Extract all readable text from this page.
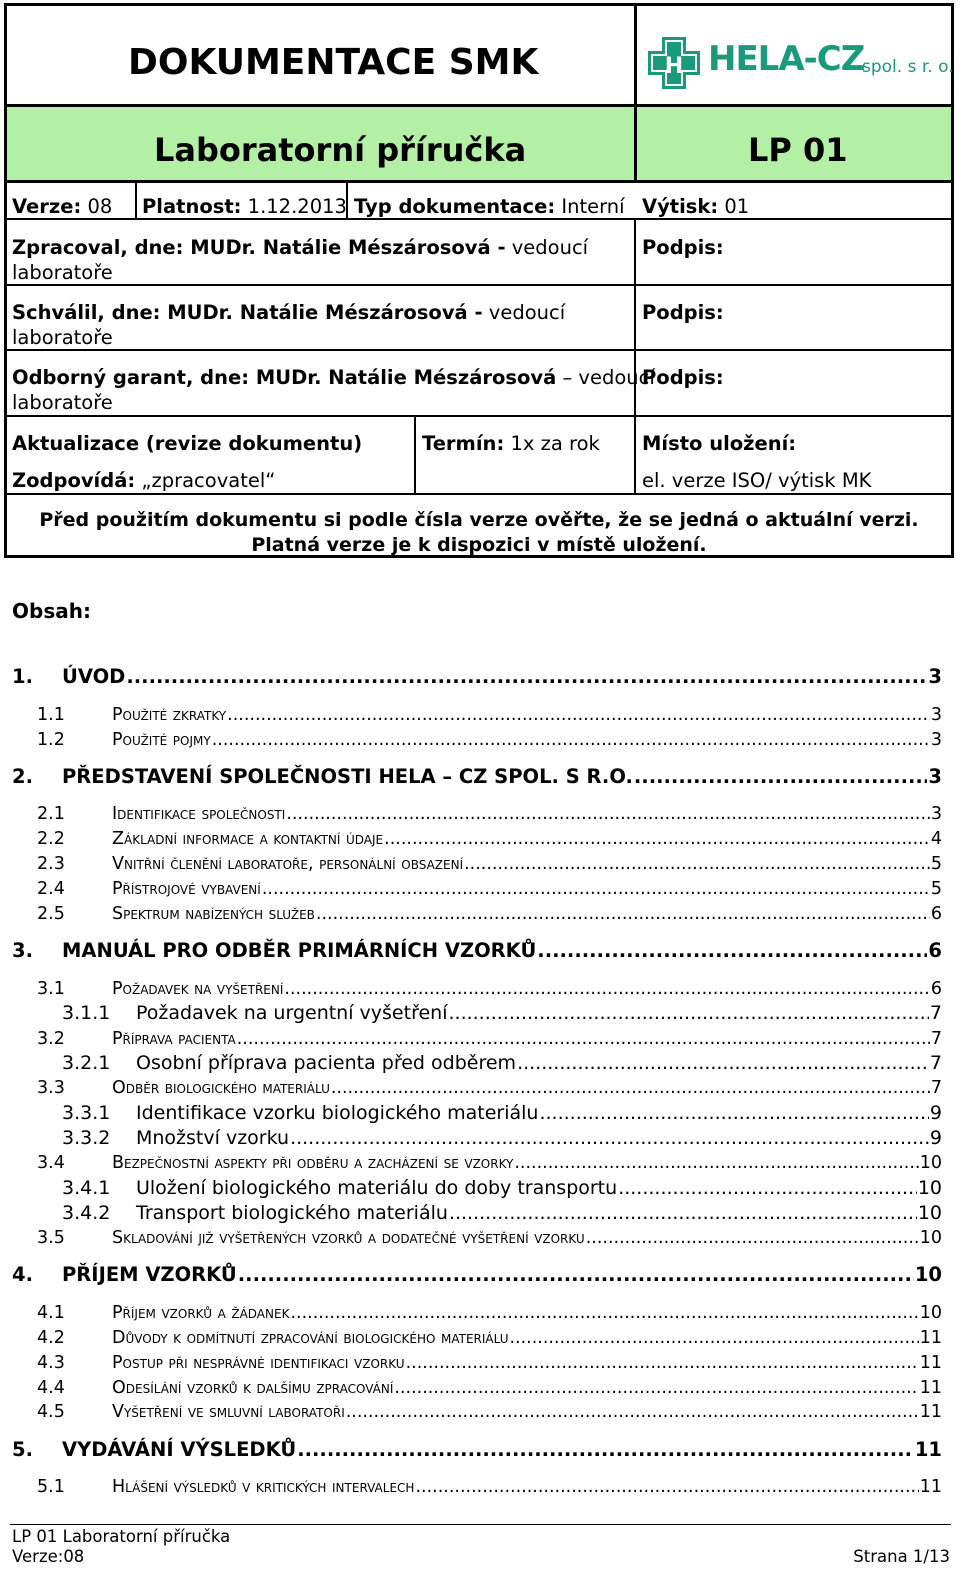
DOKUMENTACE SMK	H HELA-CZ
spol. s r. o.
Laboratorní příručka	LP 01
Verze: 08 Platnost: 1.12.2013 Typ dokumentace: Interní Výtisk: 01
Zpracoval, dne: MUDr. Natálie Mészárosová - vedoucí
laboratoře
Podpis:
Schválil, dne: MUDr. Natálie Mészárosová - vedoucí
laboratoře
Podpis:
Odborný garant, dne: MUDr. Natálie Mészárosová – vedoucí
laboratoře
Podpis:
Aktualizace (revize dokumentu)
Zodpovídá: „zpracovatel“
Termín: 1x za rok Místo uložení:
el. verze ISO/ výtisk MK
Před použitím dokumentu si podle čísla verze ověřte, že se jedná o aktuální verzi.
Platná verze je k dispozici v místě uložení.
Obsah:
1.	ÚVOD .....	3
1.1	Použité zkratky .....	3
1.2	Použité pojmy .....	3
2.	PŘEDSTAVENÍ SPOLEČNOSTI HELA – CZ SPOL. S R.O. .....	3
2.1	Identifikace společnosti .....	3
2.2	Základní informace a kontaktní údaje .....	4
2.3	Vnitřní členění laboratoře, personální obsazení .....	5
2.4	Přístrojové vybavení .....	5
2.5	Spektrum nabízených služeb .....	6
3.	MANUÁL PRO ODBĚR PRIMÁRNÍCH VZORKŮ .....	6
3.1	Požadavek na vyšetření .....	6
3.1.1	Požadavek na urgentní vyšetření .....	7
3.2	Příprava pacienta .....	7
3.2.1	Osobní příprava pacienta před odběrem .....	7
3.3	Odběr biologického materiálu .....	7
3.3.1	Identifikace vzorku biologického materiálu .....	9
3.3.2	Množství vzorku .....	9
3.4	Bezpečnostní aspekty při odběru a zacházení se vzorky .....	10
3.4.1	Uložení biologického materiálu do doby transportu .....	10
3.4.2	Transport biologického materiálu .....	10
3.5	Skladování již vyšetřených vzorků a dodatečné vyšetření vzorku .....	10
4.	PŘÍJEM VZORKŮ .....	10
4.1	Příjem vzorků a žádanek .....	10
4.2	Důvody k odmítnutí zpracování biologického materiálu .....	11
4.3	Postup při nesprávné identifikaci vzorku .....	11
4.4	Odesílání vzorků k dalšímu zpracování .....	11
4.5	Vyšetření ve smluvní laboratoři .....	11
5.	VYDÁVÁNÍ VÝSLEDKŮ .....	11
5.1	Hlášení výsledků v kritických intervalech .....	11
LP 01 Laboratorní příručka
Verze:08	Strana 1/13
